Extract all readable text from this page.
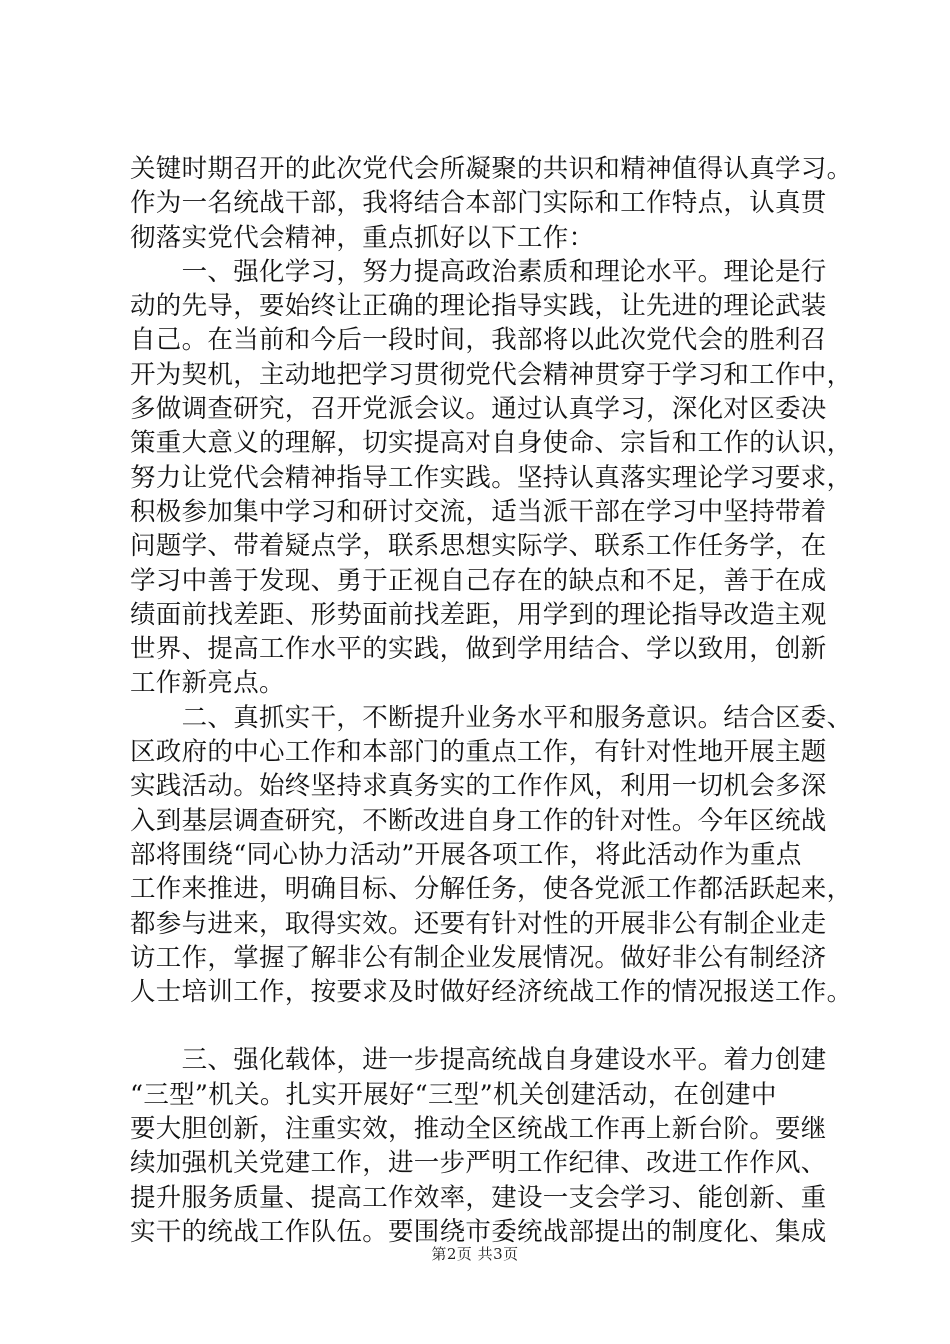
关键时期召开的此次党代会所凝聚的共识和精神值得认真学习。
作为一名统战干部，我将结合本部门实际和工作特点，认真贯
彻落实党代会精神，重点抓好以下工作：
　　一、强化学习，努力提高政治素质和理论水平。理论是行
动的先导，要始终让正确的理论指导实践，让先进的理论武装
自己。在当前和今后一段时间，我部将以此次党代会的胜利召
开为契机，主动地把学习贯彻党代会精神贯穿于学习和工作中，
多做调查研究，召开党派会议。通过认真学习，深化对区委决
策重大意义的理解，切实提高对自身使命、宗旨和工作的认识，
努力让党代会精神指导工作实践。坚持认真落实理论学习要求，
积极参加集中学习和研讨交流，适当派干部在学习中坚持带着
问题学、带着疑点学，联系思想实际学、联系工作任务学，在
学习中善于发现、勇于正视自己存在的缺点和不足，善于在成
绩面前找差距、形势面前找差距，用学到的理论指导改造主观
世界、提高工作水平的实践，做到学用结合、学以致用，创新
工作新亮点。
　　二、真抓实干，不断提升业务水平和服务意识。结合区委、
区政府的中心工作和本部门的重点工作，有针对性地开展主题
实践活动。始终坚持求真务实的工作作风，利用一切机会多深
入到基层调查研究，不断改进自身工作的针对性。今年区统战
部将围绕“同心协力活动”开展各项工作，将此活动作为重点
工作来推进，明确目标、分解任务，使各党派工作都活跃起来，
都参与进来，取得实效。还要有针对性的开展非公有制企业走
访工作，掌握了解非公有制企业发展情况。做好非公有制经济
人士培训工作，按要求及时做好经济统战工作的情况报送工作。
　　三、强化载体，进一步提高统战自身建设水平。着力创建
“三型”机关。扎实开展好“三型”机关创建活动，在创建中
要大胆创新，注重实效，推动全区统战工作再上新台阶。要继
续加强机关党建工作，进一步严明工作纪律、改进工作作风、
提升服务质量、提高工作效率，建设一支会学习、能创新、重
实干的统战工作队伍。要围绕市委统战部提出的制度化、集成
第2页 共3页
